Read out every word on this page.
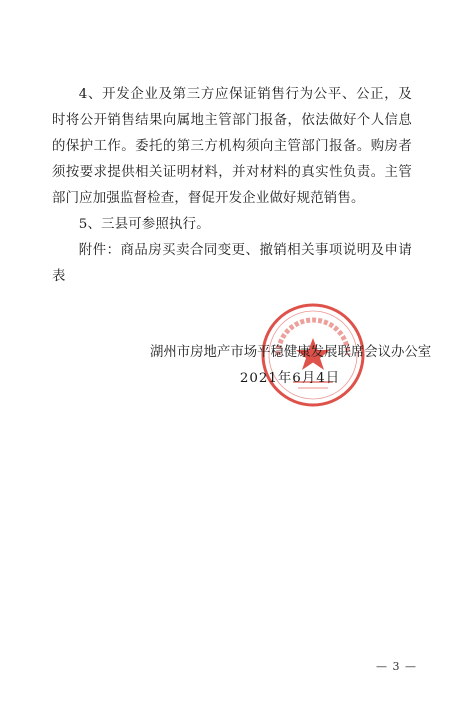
4、开发企业及第三方应保证销售行为公平、公正，及时将公开销售结果向属地主管部门报备，依法做好个人信息的保护工作。委托的第三方机构须向主管部门报备。购房者须按要求提供相关证明材料，并对材料的真实性负责。主管部门应加强监督检查，督促开发企业做好规范销售。

5、三县可参照执行。

附件：商品房买卖合同变更、撤销相关事项说明及申请表

湖州市房地产市场平稳健康发展联席会议办公室
2021年6月4日
— 3 —
